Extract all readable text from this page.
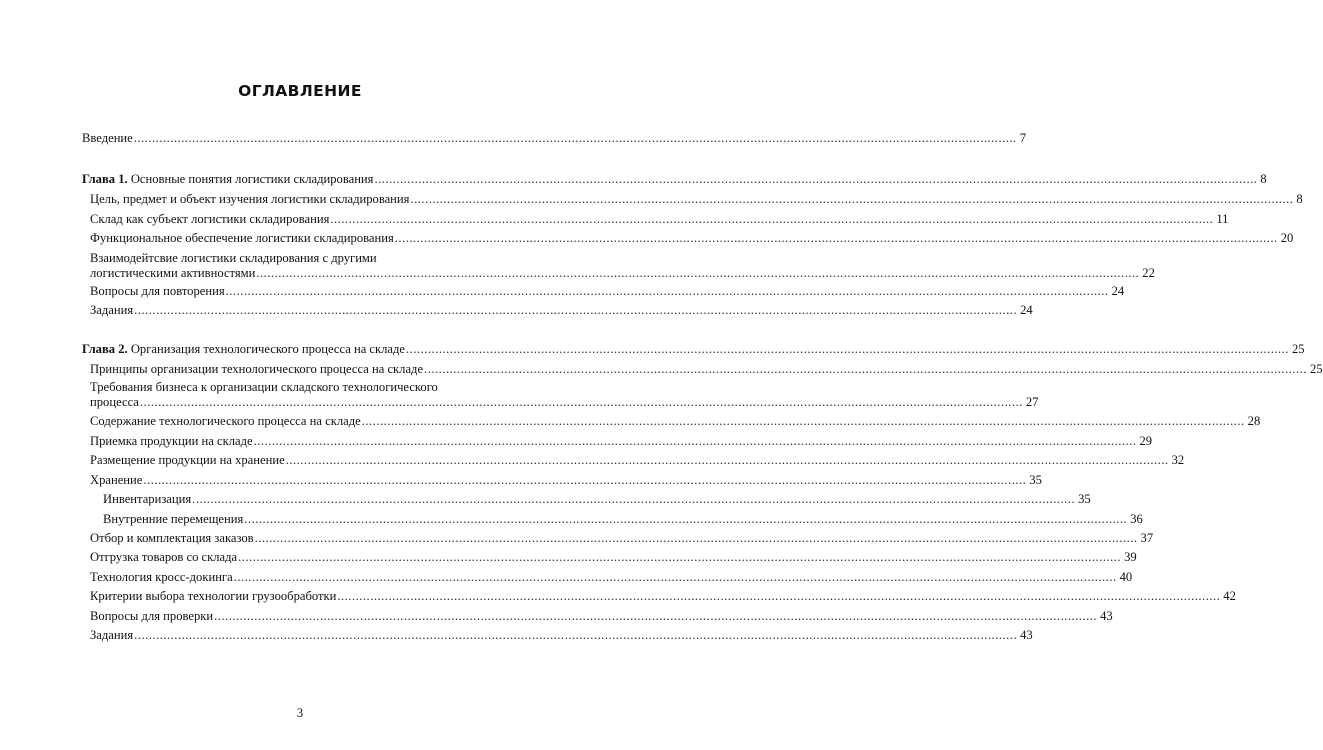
ОГЛАВЛЕНИЕ
Введение .....	7
Глава 1. Основные понятия логистики складирования .....	8
Цель, предмет и объект изучения логистики складирования .....	8
Склад как субъект логистики складирования .....	11
Функциональное обеспечение логистики складирования .....	20
Взаимодейтсвие логистики складирования с другими
логистическими активностями .....	22
Вопросы для повторения .....	24
Задания .....	24
Глава 2. Организация технологического процесса на складе .....	25
Принципы организации технологического процесса на складе .....	25
Требования бизнеса к организации складского технологического
процесса .....	27
Содержание технологического процесса на складе .....	28
Приемка продукции на складе .....	29
Размещение продукции на хранение .....	32
Хранение .....	35
Инвентаризация .....	35
Внутренние перемещения .....	36
Отбор и комплектация заказов .....	37
Отгрузка товаров со склада .....	39
Технология кросс-докинга .....	40
Критерии выбора технологии грузообработки .....	42
Вопросы для проверки .....	43
Задания .....	43
3
